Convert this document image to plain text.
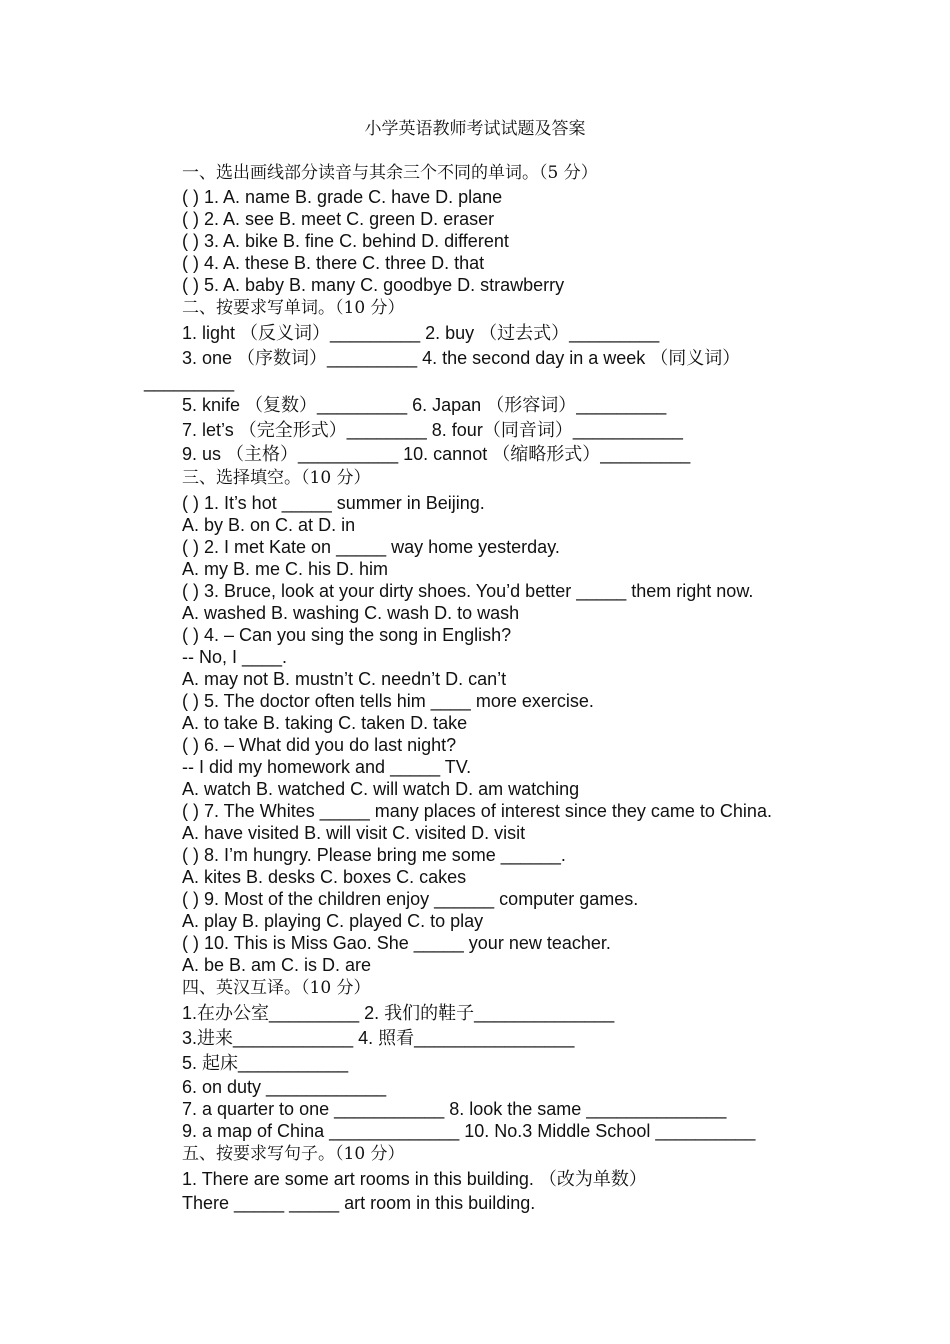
小学英语教师考试试题及答案
一、选出画线部分读音与其余三个不同的单词。（5 分）
( ) 1. A. name B. grade C. have D. plane
( ) 2. A. see B. meet C. green D. eraser
( ) 3. A. bike B. fine C. behind D. different
( ) 4. A. these B. there C. three D. that
( ) 5. A. baby B. many C. goodbye D. strawberry
二、按要求写单词。（10 分）
1. light （反义词）_________ 2. buy （过去式）_________
3. one （序数词）_________ 4. the second day in a week （同义词）
_________
5. knife （复数）_________ 6. Japan （形容词）_________
7. let’s （完全形式）________ 8. four（同音词）___________
9. us （主格）__________ 10. cannot （缩略形式）_________
三、选择填空。（10 分）
( ) 1. It’s hot _____ summer in Beijing.
A. by B. on C. at D. in
( ) 2. I met Kate on _____ way home yesterday.
A. my B. me C. his D. him
( ) 3. Bruce, look at your dirty shoes. You’d better _____ them right now.
A. washed B. washing C. wash D. to wash
( ) 4. – Can you sing the song in English?
-- No, I ____.
A. may not B. mustn’t C. needn’t D. can’t
( ) 5. The doctor often tells him ____ more exercise.
A. to take B. taking C. taken D. take
( ) 6. – What did you do last night?
-- I did my homework and _____ TV.
A. watch B. watched C. will watch D. am watching
( ) 7. The Whites _____ many places of interest since they came to China.
A. have visited B. will visit C. visited D. visit
( ) 8. I’m hungry. Please bring me some ______.
A. kites B. desks C. boxes C. cakes
( ) 9. Most of the children enjoy ______ computer games.
A. play B. playing C. played C. to play
( ) 10. This is Miss Gao. She _____ your new teacher.
A. be B. am C. is D. are
四、英汉互译。（10 分）
1.在办公室_________ 2. 我们的鞋子______________
3.进来____________ 4. 照看________________
5. 起床___________
6. on duty ____________
7. a quarter to one ___________ 8. look the same ______________
9. a map of China _____________ 10. No.3 Middle School __________
五、按要求写句子。（10 分）
1. There are some art rooms in this building. （改为单数）
There _____ _____ art room in this building.
